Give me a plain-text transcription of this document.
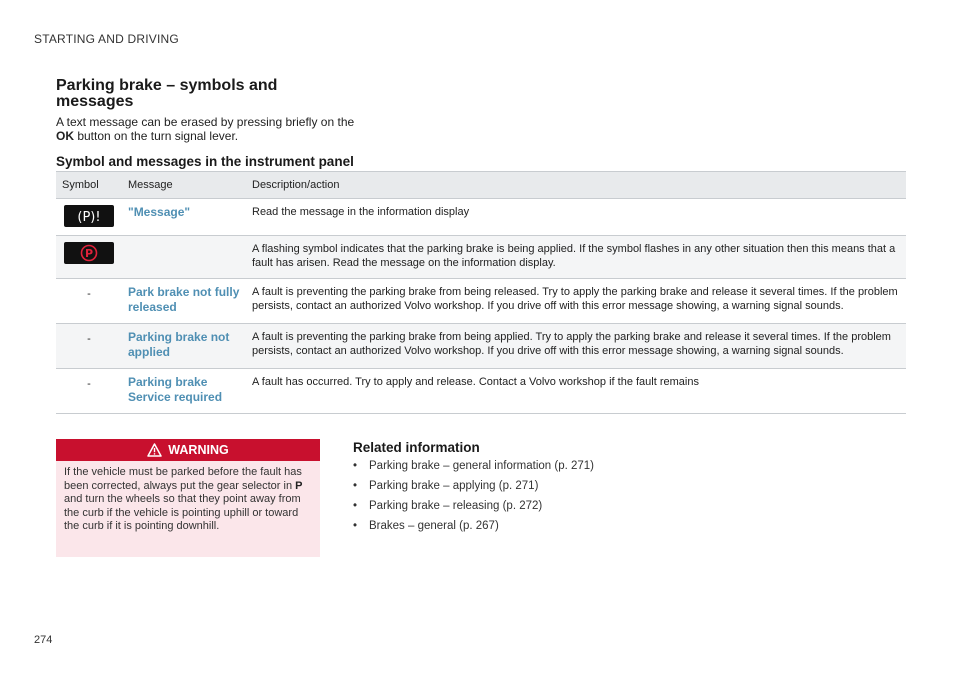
STARTING AND DRIVING
Parking brake – symbols and
messages
A text message can be erased by pressing briefly on the OK button on the turn signal lever.
Symbol and messages in the instrument panel
Symbol	Message	Description/action

(P)!	"Message"	Read the message in the information display

P		A flashing symbol indicates that the parking brake is being applied. If the symbol flashes in any other situation then this means that a fault has arisen. Read the message on the information display.
-	Park brake not fully released	A fault is preventing the parking brake from being released. Try to apply the parking brake and release it several times. If the problem persists, contact an authorized Volvo workshop. If you drive off with this error message showing, a warning signal sounds.
-	Parking brake not applied	A fault is preventing the parking brake from being applied. Try to apply the parking brake and release it several times. If the problem persists, contact an authorized Volvo workshop. If you drive off with this error message showing, a warning signal sounds.
-	Parking brake Service required	A fault has occurred. Try to apply and release. Contact a Volvo workshop if the fault remains
WARNING
If the vehicle must be parked before the fault has been corrected, always put the gear selector in P and turn the wheels so that they point away from the curb if the vehicle is pointing uphill or toward the curb if it is pointing downhill.
Related information
• Parking brake – general information (p. 271)
• Parking brake – applying (p. 271)
• Parking brake – releasing (p. 272)
• Brakes – general (p. 267)
274
